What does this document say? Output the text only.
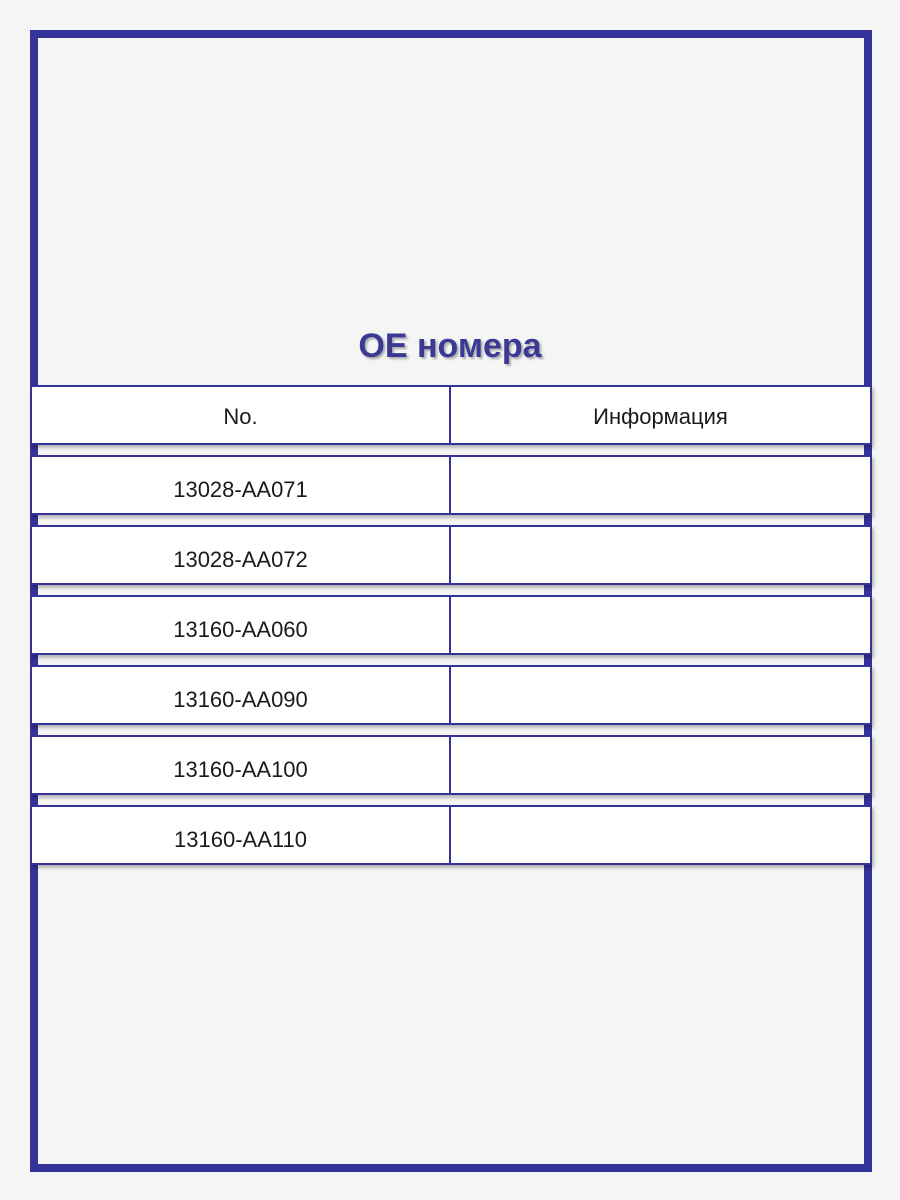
OE номера
No.	Информация
13028-AA071
13028-AA072
13160-AA060
13160-AA090
13160-AA100
13160-AA110
